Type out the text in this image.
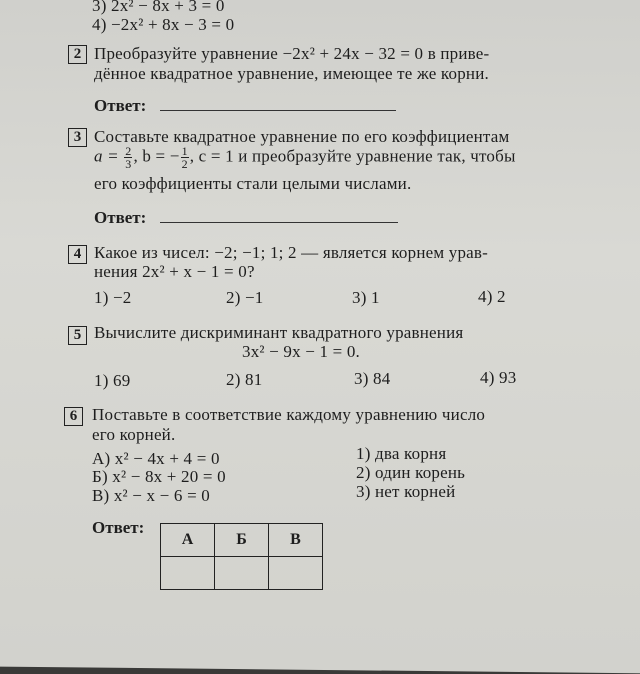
3) 2x² − 8x + 3 = 0
4) −2x² + 8x − 3 = 0
2 Преобразуйте уравнение −2x² + 24x − 32 = 0 в приве-
дённое квадратное уравнение, имеющее те же корни.
Ответ:
3 Составьте квадратное уравнение по его коэффициентам
$a = \frac{2}{3}$ , b = − $\frac{1}{2}$ , c = 1 и преобразуйте уравнение так, чтобы
его коэффициенты стали целыми числами.
Ответ:
4 Какое из чисел: −2; −1; 1; 2 — является корнем урав-
нения 2x² + x − 1 = 0?
1) −2	2) −1	3) 1	4) 2
5 Вычислите дискриминант квадратного уравнения
3x² − 9x − 1 = 0.
1) 69	2) 81	3) 84	4) 93
6 Поставьте в соответствие каждому уравнению число
его корней.
А) x² − 4x + 4 = 0
Б) x² − 8x + 20 = 0
В) x² − x − 6 = 0
1) два корня
2) один корень
3) нет корней
Ответ:
А	Б	В
